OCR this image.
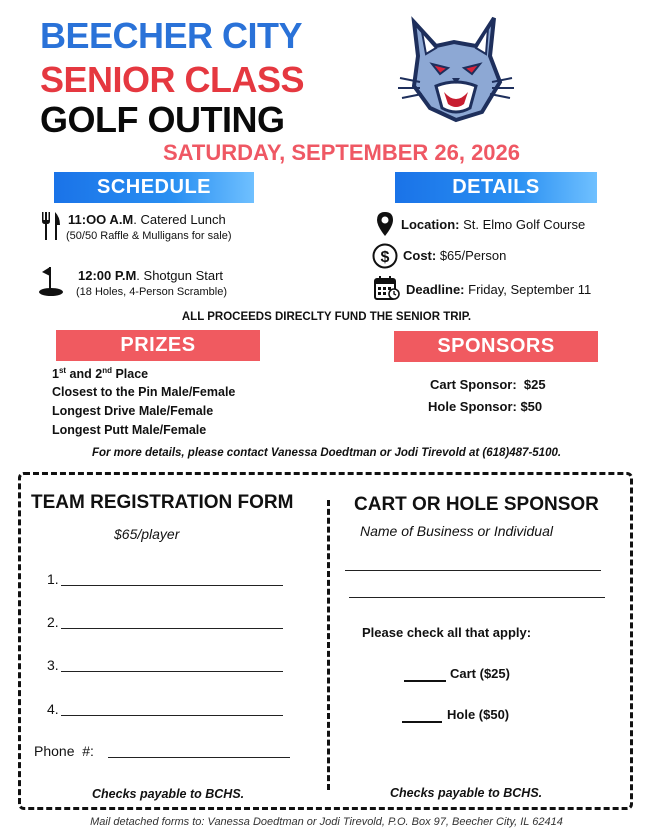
BEECHER CITY
SENIOR CLASS
GOLF OUTING
SATURDAY, SEPTEMBER 26, 2026
SCHEDULE	DETAILS
11:OO A.M. Catered Lunch
(50/50 Raffle & Mulligans for sale)
12:00 P.M. Shotgun Start
(18 Holes, 4-Person Scramble)
Location: St. Elmo Golf Course
$ Cost: $65/Person
Deadline: Friday, September 11
ALL PROCEEDS DIRECLTY FUND THE SENIOR TRIP.
PRIZES	SPONSORS
1st and 2nd Place
Closest to the Pin Male/Female
Longest Drive Male/Female
Longest Putt Male/Female
Cart Sponsor:  $25
Hole Sponsor: $50
For more details, please contact Vanessa Doedtman or Jodi Tirevold at (618)487-5100.
TEAM REGISTRATION FORM
$65/player
1.
2.
3.
4.
Phone  #:
Checks payable to BCHS.
CART OR HOLE SPONSOR
Name of Business or Individual
Please check all that apply:
Cart ($25)
Hole ($50)
Checks payable to BCHS.
Mail detached forms to: Vanessa Doedtman or Jodi Tirevold, P.O. Box 97, Beecher City, IL 62414
